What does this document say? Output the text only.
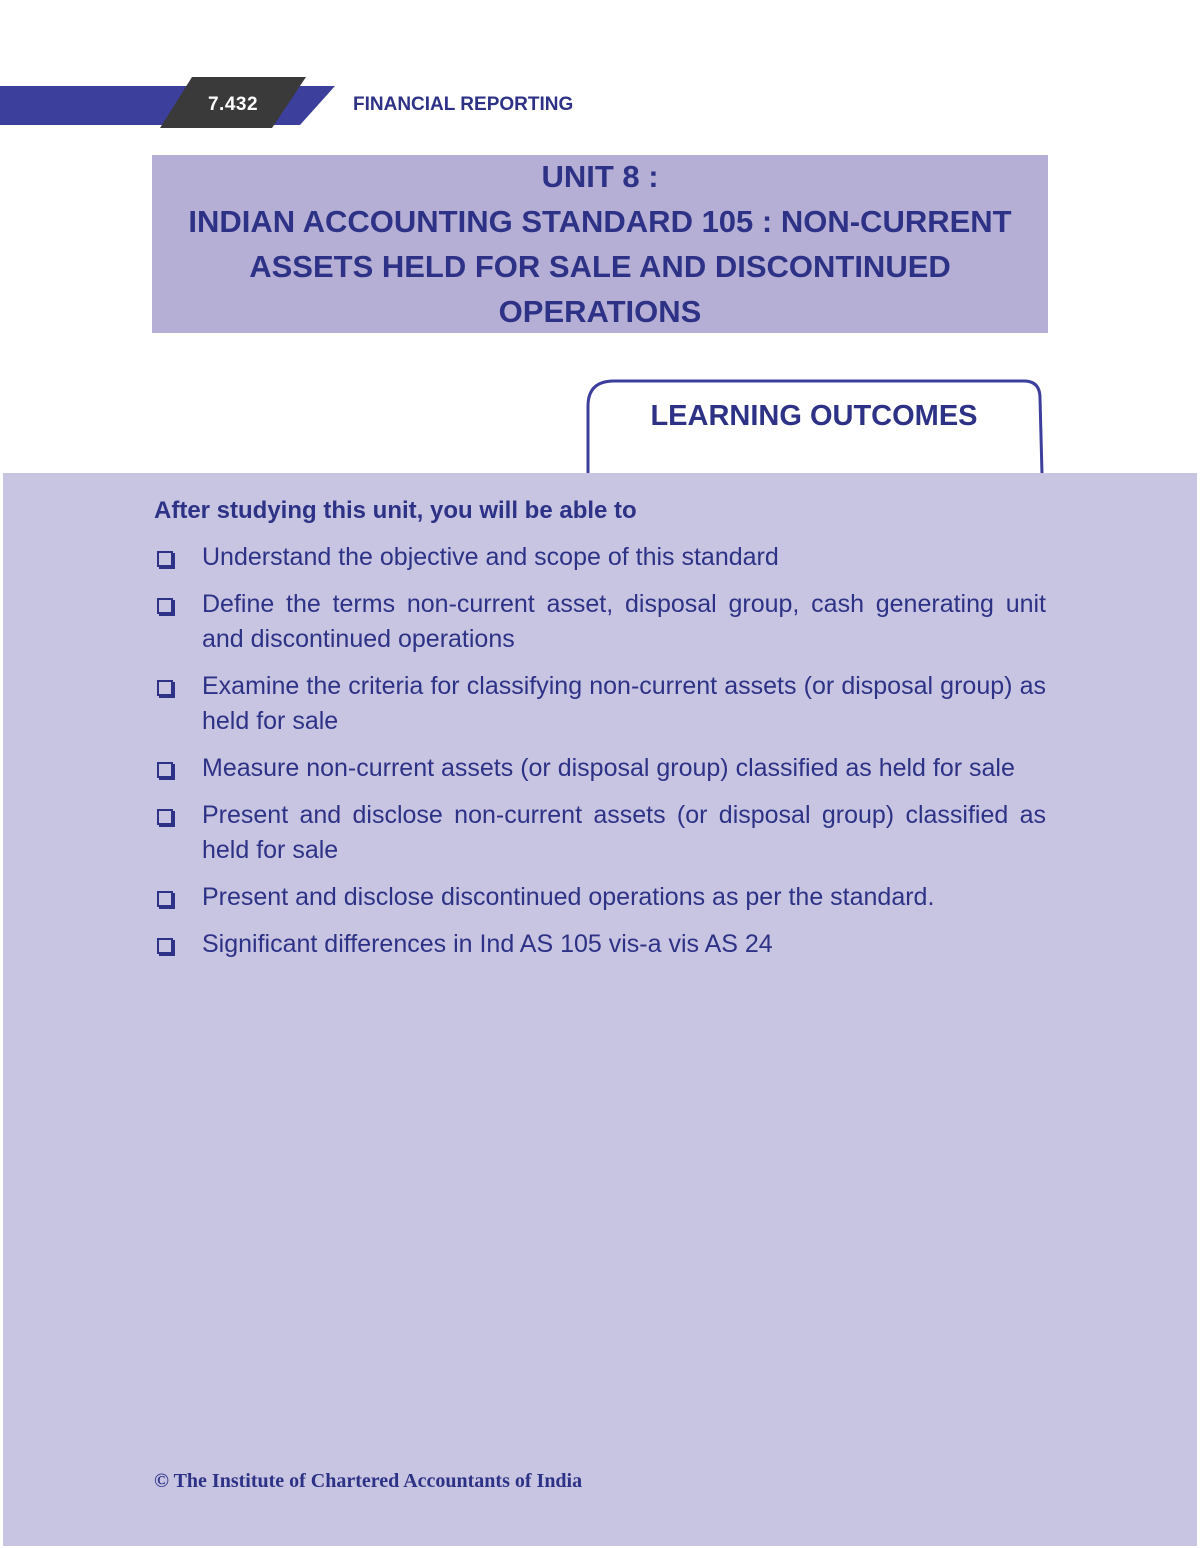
7.432	FINANCIAL REPORTING
UNIT 8 :
INDIAN ACCOUNTING STANDARD 105 : NON-CURRENT ASSETS HELD FOR SALE AND DISCONTINUED OPERATIONS
LEARNING OUTCOMES
After studying this unit, you will be able to
Understand the objective and scope of this standard
Define the terms non-current asset, disposal group, cash generating unit and discontinued operations
Examine the criteria for classifying non-current assets (or disposal group) as held for sale
Measure non-current assets (or disposal group) classified as held for sale
Present and disclose non-current assets (or disposal group) classified as held for sale
Present and disclose discontinued operations as per the standard.
Significant differences in Ind AS 105 vis-a vis AS 24
© The Institute of Chartered Accountants of India
